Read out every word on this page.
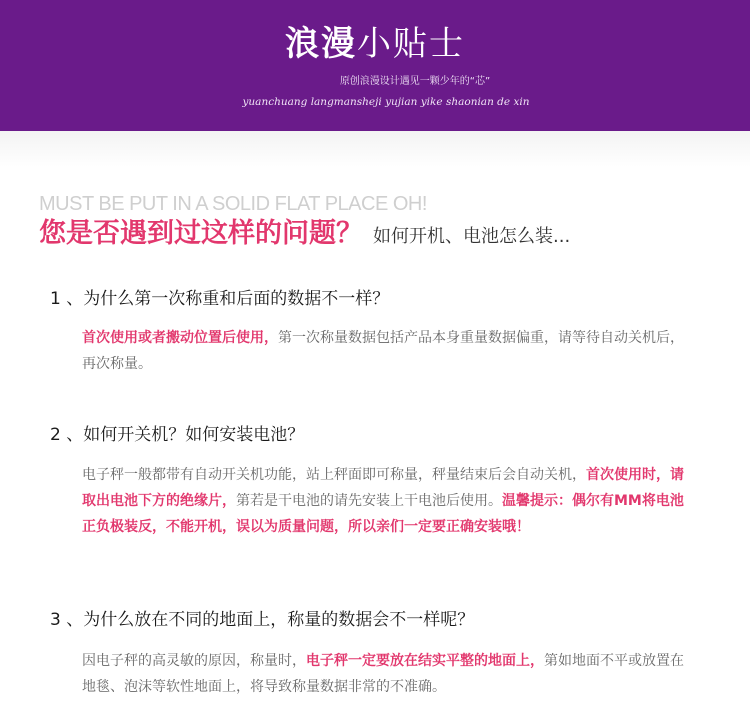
浪漫小贴士
原创浪漫设计遇见一颗少年的“芯”
yuanchuang langmansheji yujian yike shaonian de xin
MUST BE PUT IN A SOLID FLAT PLACE OH!
您是否遇到过这样的问题？ 如何开机、电池怎么装...
1 、为什么第一次称重和后面的数据不一样？
首次使用或者搬动位置后使用，第一次称量数据包括产品本身重量数据偏重，请等待自动关机后，再次称量。
2 、如何开关机？如何安装电池？
电子秤一般都带有自动开关机功能，站上秤面即可称量，秤量结束后会自动关机，首次使用时，请取出电池下方的绝缘片，第若是干电池的请先安装上干电池后使用。温馨提示：偶尔有MM将电池正负极装反，不能开机，误以为质量问题，所以亲们一定要正确安装哦！
3 、为什么放在不同的地面上，称量的数据会不一样呢？
因电子秤的高灵敏的原因，称量时，电子秤一定要放在结实平整的地面上，第如地面不平或放置在地毯、泡沫等软性地面上，将导致称量数据非常的不准确。
